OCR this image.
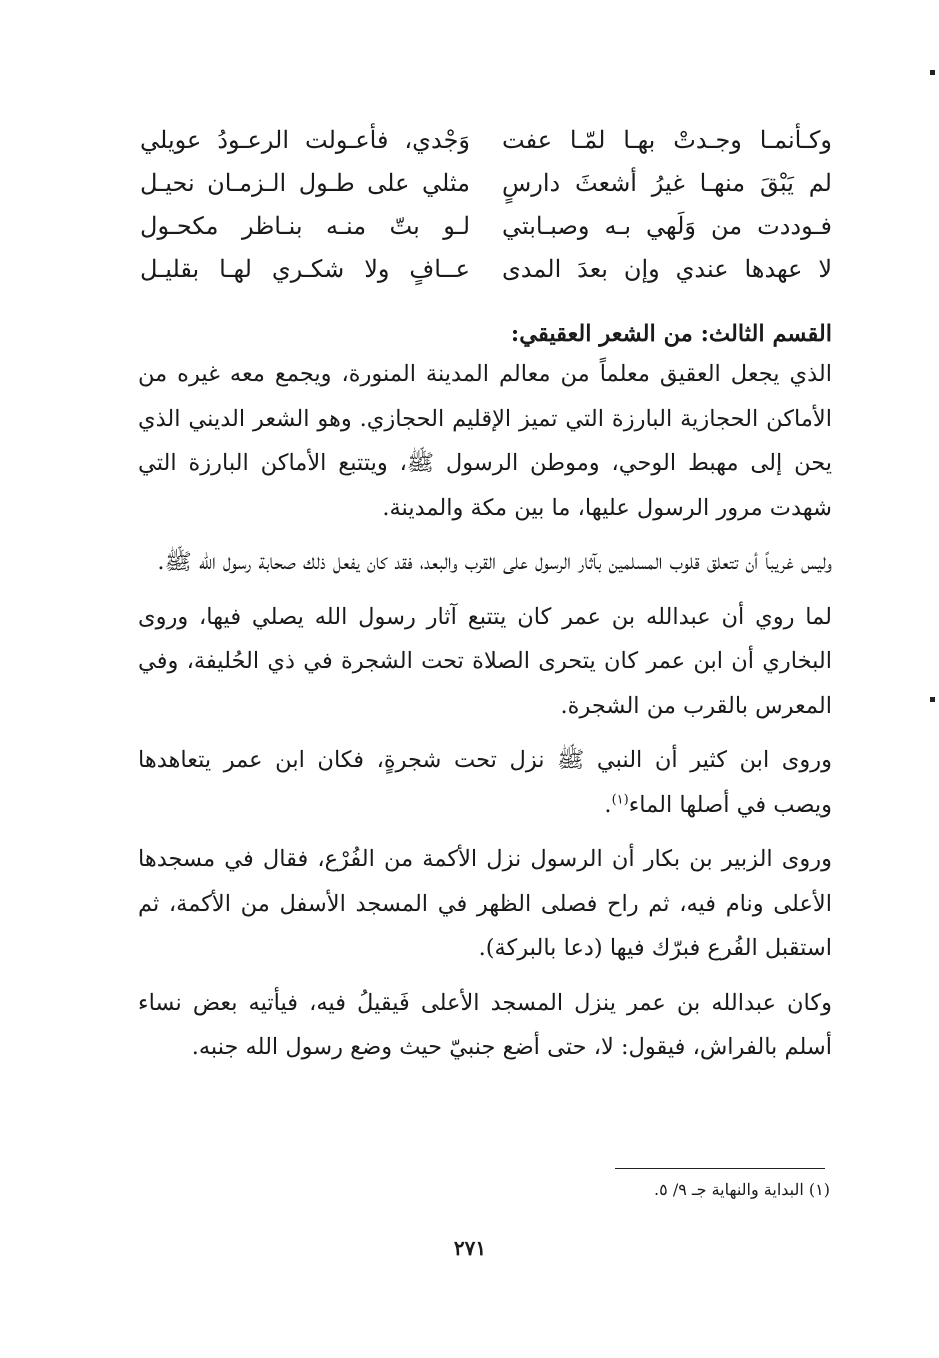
وكـأنمـا وجـدتْ بهـا لمّـا عفت
وَجْدي، فأعـولت الرعـودُ عويلي
لم يَبْقَ منهـا غيرُ أشعثَ دارسٍ
مثلي على طـول الـزمـان نحيـل
فـوددت من وَلَهي بـه وصبـابتي
لـو بتّ منـه بنـاظر مكحـول
لا عهدها عندي وإن بعدَ المدى
عــافٍ ولا شكـري لهـا بقليـل

القسم الثالث: من الشعر العقيقي:

الذي يجعل العقيق معلماً من معالم المدينة المنورة، ويجمع معه غيره من الأماكن الحجازية البارزة التي تميز الإقليم الحجازي. وهو الشعر الديني الذي يحن إلى مهبط الوحي، وموطن الرسول ﷺ، ويتتبع الأماكن البارزة التي شهدت مرور الرسول عليها، ما بين مكة والمدينة.

وليس غريباً أن تتعلق قلوب المسلمين بآثار الرسول على القرب والبعد، فقد كان يفعل ذلك صحابة رسول الله ﷺ.

لما روي أن عبدالله بن عمر كان يتتبع آثار رسول الله يصلي فيها، وروى البخاري أن ابن عمر كان يتحرى الصلاة تحت الشجرة في ذي الحُليفة، وفي المعرس بالقرب من الشجرة.

وروى ابن كثير أن النبي ﷺ نزل تحت شجرةٍ، فكان ابن عمر يتعاهدها ويصب في أصلها الماء$^{(١)}$.

وروى الزبير بن بكار أن الرسول نزل الأكمة من الفُرْع، فقال في مسجدها الأعلى ونام فيه، ثم راح فصلى الظهر في المسجد الأسفل من الأكمة، ثم استقبل الفُرع فبرّك فيها (دعا بالبركة).

وكان عبدالله بن عمر ينزل المسجد الأعلى فَيقيلُ فيه، فيأتيه بعض نساء أسلم بالفراش، فيقول: لا، حتى أضع جنبيّ حيث وضع رسول الله جنبه.

(١) البداية والنهاية جـ ٩/ ٥.
٢٧١
